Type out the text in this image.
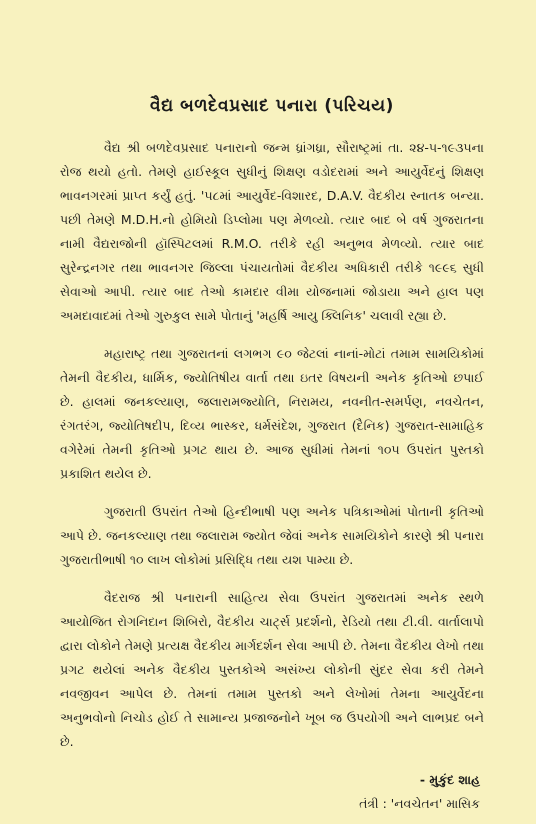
વૈદ્ય બળદેવપ્રસાદ પનારા (પરિચય)

વૈદ્ય શ્રી બળદેવપ્રસાદ પનારાનો જન્મ ધ્રાંગધ્રા, સૌરાષ્ટ્રમાં તા. ૨૪-૫-૧૯૩૫ના રોજ થયો હતો. તેમણે હાઈસ્કૂલ સુધીનું શિક્ષણ વડોદરામાં અને આયુર્વેદનું શિક્ષણ ભાવનગરમાં પ્રાપ્ત કર્યું હતું. '૫૮માં આયુર્વેદ-વિશારદ, D.A.V. વૈદકીય સ્નાતક બન્યા. પછી તેમણે M.D.H.નો હોમિયો ડિપ્લોમા પણ મેળવ્યો. ત્યાર બાદ બે વર્ષ ગુજરાતના નામી વૈદ્યરાજોની હૉસ્પિટલમાં R.M.O. તરીકે રહી અનુભવ મેળવ્યો. ત્યાર બાદ સુરેન્દ્રનગર તથા ભાવનગર જિલ્લા પંચાયતોમાં વૈદકીય અધિકારી તરીકે ૧૯૯૬ સુધી સેવાઓ આપી. ત્યાર બાદ તેઓ કામદાર વીમા યોજનામાં જોડાયા અને હાલ પણ અમદાવાદમાં તેઓ ગુરુકુલ સામે પોતાનું 'મહર્ષિ આયુ ક્લિનિક' ચલાવી રહ્યા છે.

મહારાષ્ટ્ર તથા ગુજરાતનાં લગભગ ૯૦ જેટલાં નાનાં-મોટાં તમામ સામયિકોમાં તેમની વૈદકીય, ધાર્મિક, જ્યોતિષીય વાર્તા તથા ઇતર વિષયની અનેક કૃતિઓ છપાઈ છે. હાલમાં જનકલ્યાણ, જલારામજ્યોતિ, નિરામય, નવનીત-સમર્પણ, નવચેતન, રંગતરંગ, જ્યોતિષદીપ, દિવ્ય ભાસ્કર, ધર્મસંદેશ, ગુજરાત (દૈનિક) ગુજરાત-સામાહિક વગેરેમાં તેમની કૃતિઓ પ્રગટ થાય છે. આજ સુધીમાં તેમનાં ૧૦૫ ઉપરાંત પુસ્તકો પ્રકાશિત થયેલ છે.

ગુજરાતી ઉપરાંત તેઓ હિન્દીભાષી પણ અનેક પત્રિકાઓમાં પોતાની કૃતિઓ આપે છે. જનકલ્યાણ તથા જલારામ જ્યોત જેવાં અનેક સામયિકોને કારણે શ્રી પનારા ગુજરાતીભાષી ૧૦ લાખ લોકોમાં પ્રસિદ્ધિ તથા યશ પામ્યા છે.

વૈદરાજ શ્રી પનારાની સાહિત્ય સેવા ઉપરાંત ગુજરાતમાં અનેક સ્થળે આયોજિત રોગનિદાન શિબિરો, વૈદકીય ચાર્ટ્સ પ્રદર્શનો, રેડિયો તથા ટી.વી. વાર્તાલાપો દ્વારા લોકોને તેમણે પ્રત્યક્ષ વૈદકીય માર્ગદર્શન સેવા આપી છે. તેમના વૈદકીય લેખો તથા પ્રગટ થયેલાં અનેક વૈદકીય પુસ્તકોએ અસંખ્ય લોકોની સુંદર સેવા કરી તેમને નવજીવન આપેલ છે. તેમનાં તમામ પુસ્તકો અને લેખોમાં તેમના આયુર્વેદના અનુભવોનો નિચોડ હોઈ તે સામાન્ય પ્રજાજનોને ખૂબ જ ઉપયોગી અને લાભપ્રદ બને છે.

- મુકુંદ શાહ
તંત્રી : 'નવચેતન' માસિક
